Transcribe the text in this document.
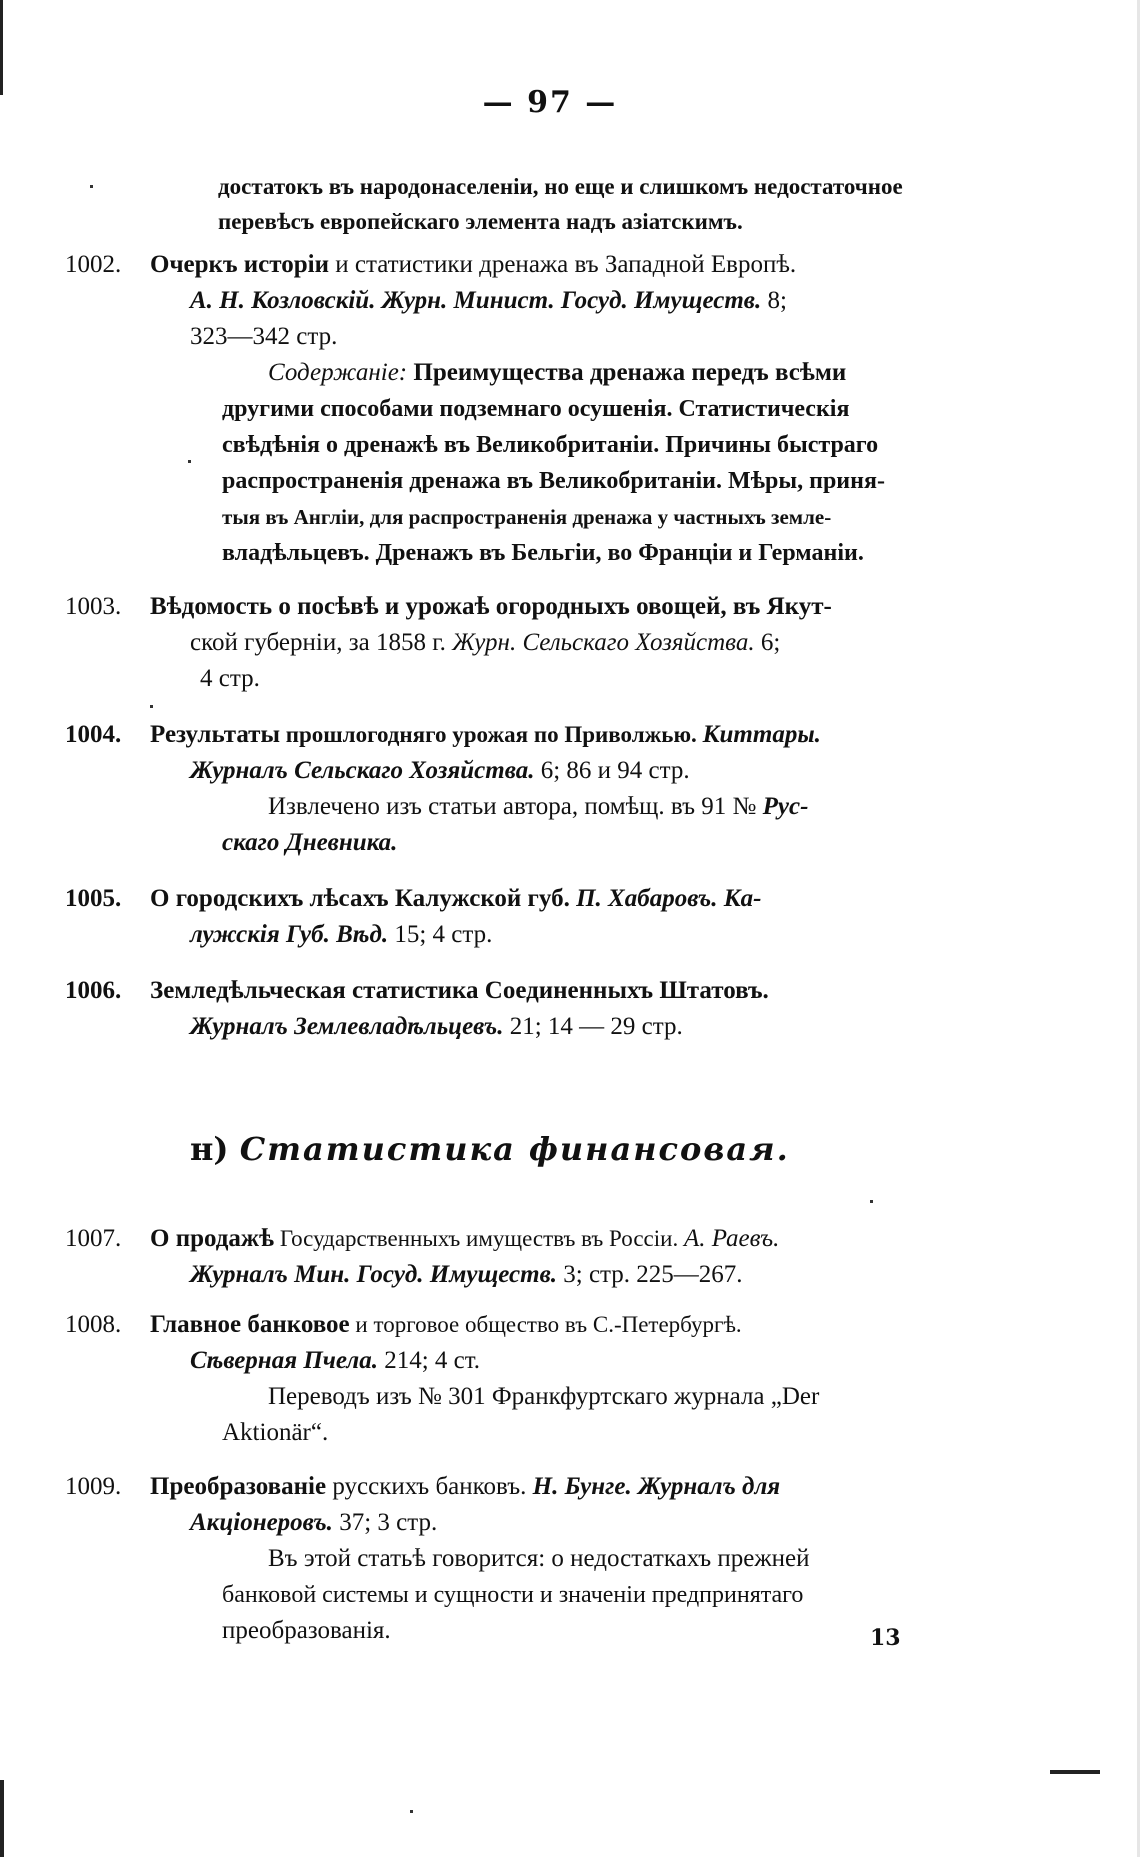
— 97 —
достатокъ въ народонаселеніи, но еще и слишкомъ недостаточное
перевѣсъ европейскаго элемента надъ азіатскимъ.
1002. Очеркъ исторіи и статистики дренажа въ Западной Европѣ.
А. Н. Козловскій. Журн. Минист. Госуд. Имуществ. 8;
323—342 стр.
Содержаніе: Преимущества дренажа передъ всѣми
другими способами подземнаго осушенія. Статистическія
свѣдѣнія о дренажѣ въ Великобританіи. Причины быстраго
распространенія дренажа въ Великобританіи. Мѣры, приня-
тыя въ Англіи, для распространенія дренажа у частныхъ земле-
владѣльцевъ. Дренажъ въ Бельгіи, во Франціи и Германіи.
1003. Вѣдомость о посѣвѣ и урожаѣ огородныхъ овощей, въ Якут-
ской губерніи, за 1858 г. Журн. Сельскаго Хозяйства. 6;
4 стр.
1004. Результаты прошлогодняго урожая по Приволжью. Киттары.
Журналъ Сельскаго Хозяйства. 6; 86 и 94 стр.
Извлечено изъ статьи автора, помѣщ. въ 91 № Рус-
скаго Дневника.
1005. О городскихъ лѣсахъ Калужской губ. П. Хабаровъ. Ка-
лужскія Губ. Вѣд. 15; 4 стр.
1006. Земледѣльческая статистика Соединенныхъ Штатовъ.
Журналъ Землевладѣльцевъ. 21; 14 — 29 стр.
н) Статистика финансовая.
1007. О продажѣ Государственныхъ имуществъ въ Россіи. А. Раевъ.
Журналъ Мин. Госуд. Имуществ. 3; стр. 225—267.
1008. Главное банковое и торговое общество въ С.-Петербургѣ.
Сѣверная Пчела. 214; 4 ст.
Переводъ изъ № 301 Франкфуртскаго журнала „Der
Aktionär“.
1009. Преобразованіе русскихъ банковъ. Н. Бунге. Журналъ для
Акціонеровъ. 37; 3 стр.
Въ этой статьѣ говорится: о недостаткахъ прежней
банковой системы и сущности и значеніи предпринятаго
преобразованія.	13
